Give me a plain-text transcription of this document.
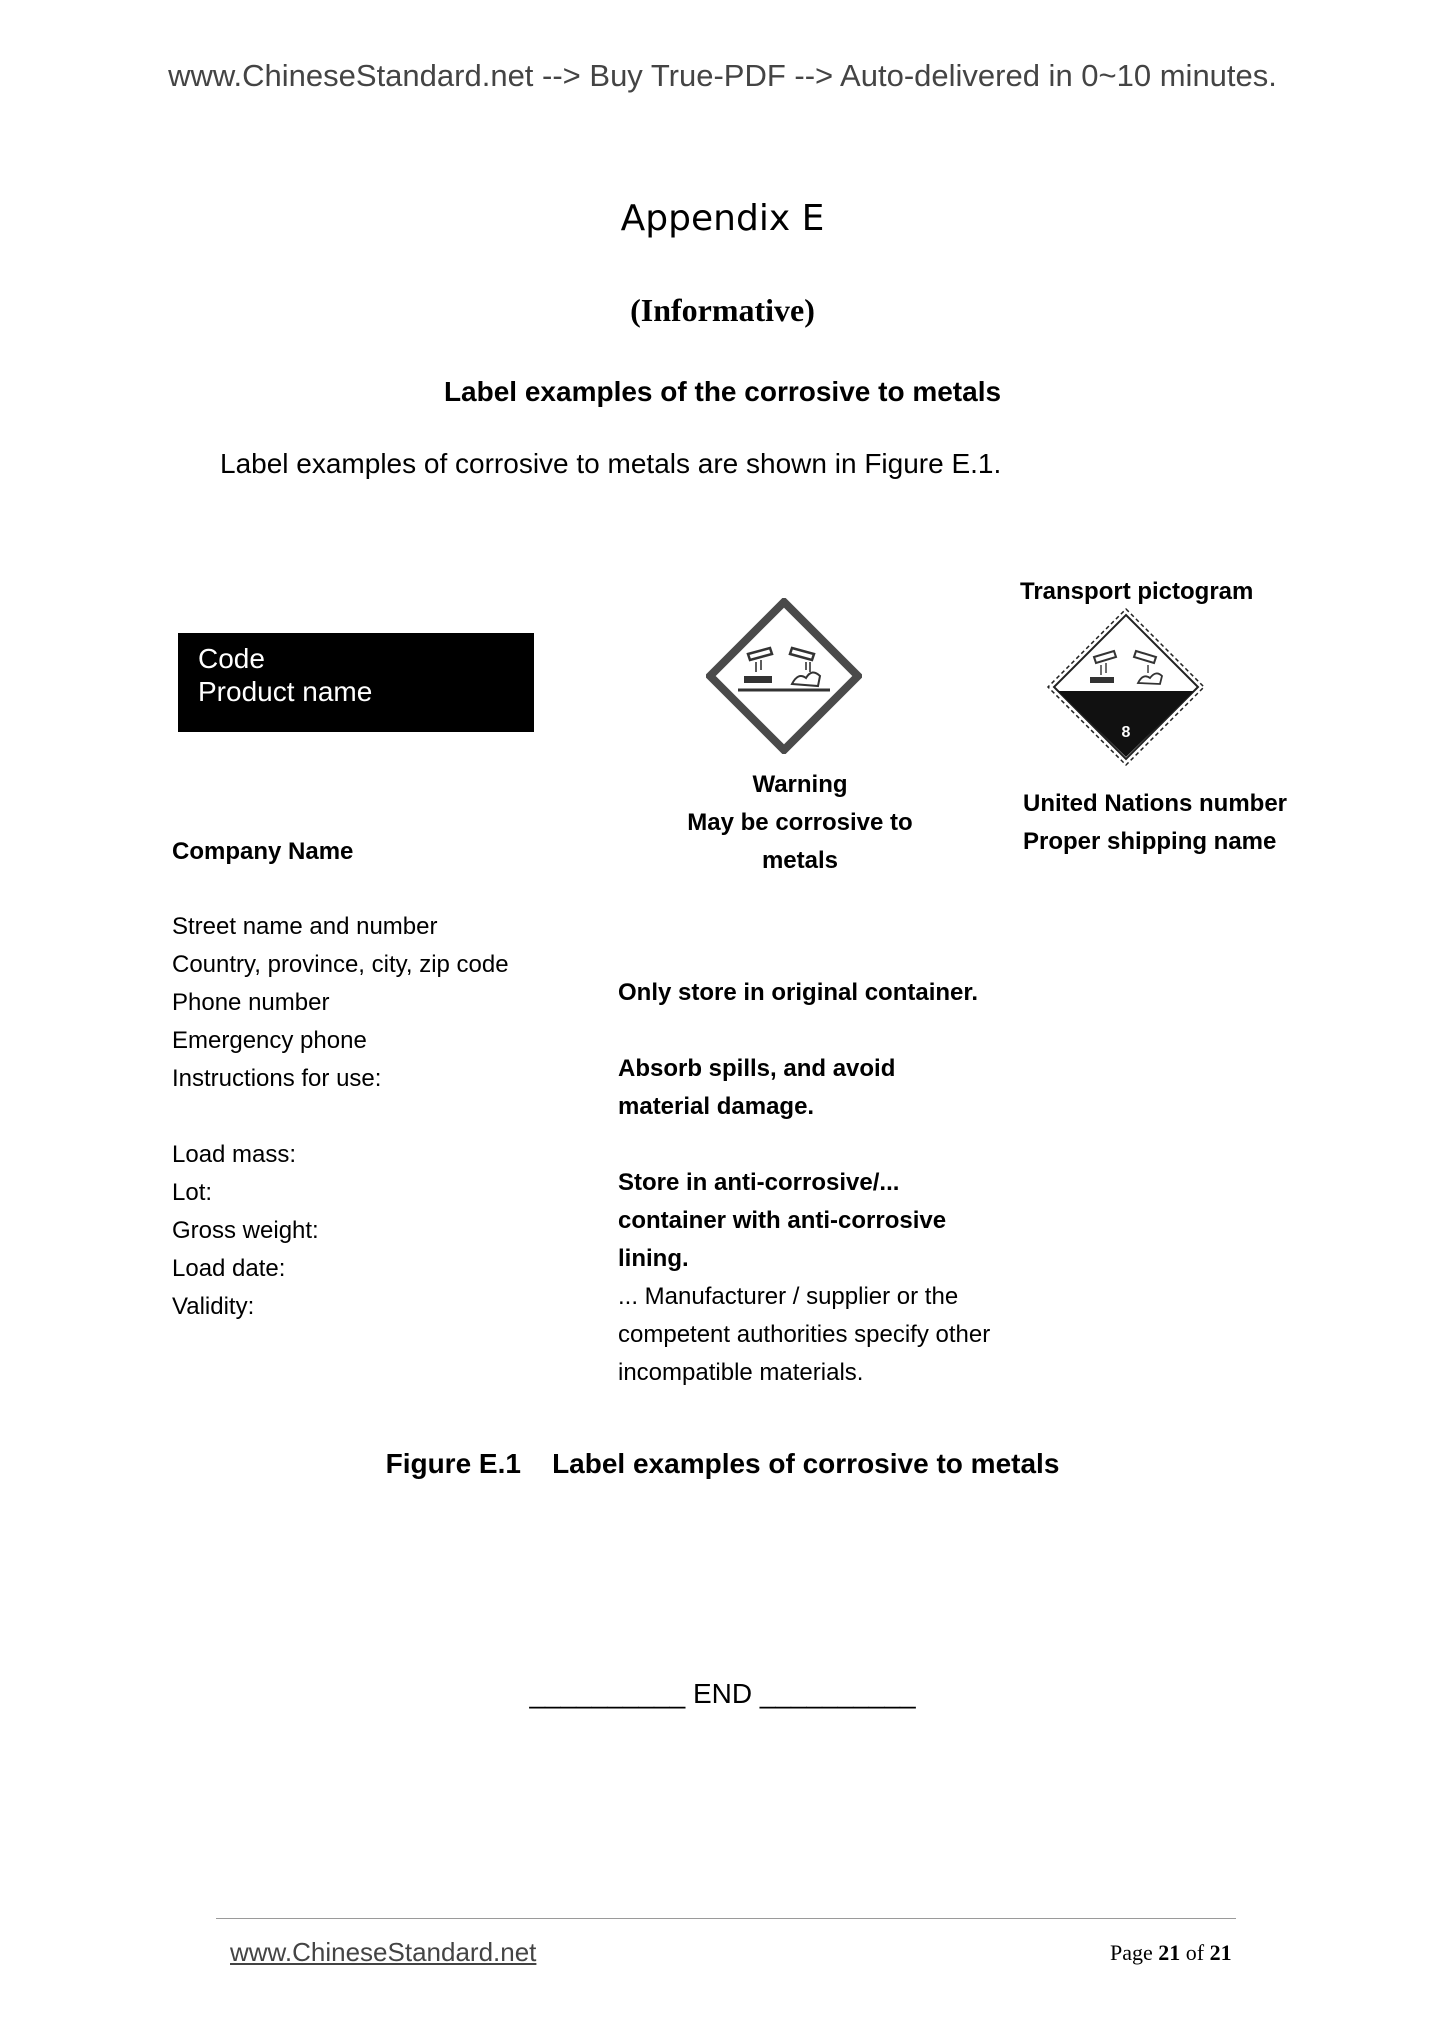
www.ChineseStandard.net --> Buy True-PDF --> Auto-delivered in 0~10 minutes.
Appendix E
(Informative)
Label examples of the corrosive to metals
Label examples of corrosive to metals are shown in Figure E.1.
Code
Product name
Company Name
Street name and number
Country, province, city, zip code
Phone number
Emergency phone
Instructions for use:
Load mass:
Lot:
Gross weight:
Load date:
Validity:
Warning
May be corrosive to
metals
Transport pictogram
8
United Nations number
Proper shipping name
Only store in original container.
Absorb spills, and avoid
material damage.
Store in anti-corrosive/...
container with anti-corrosive
lining.
... Manufacturer / supplier or the
competent authorities specify other
incompatible materials.
Figure E.1    Label examples of corrosive to metals
__________ END __________
www.ChineseStandard.net	Page 21 of 21
